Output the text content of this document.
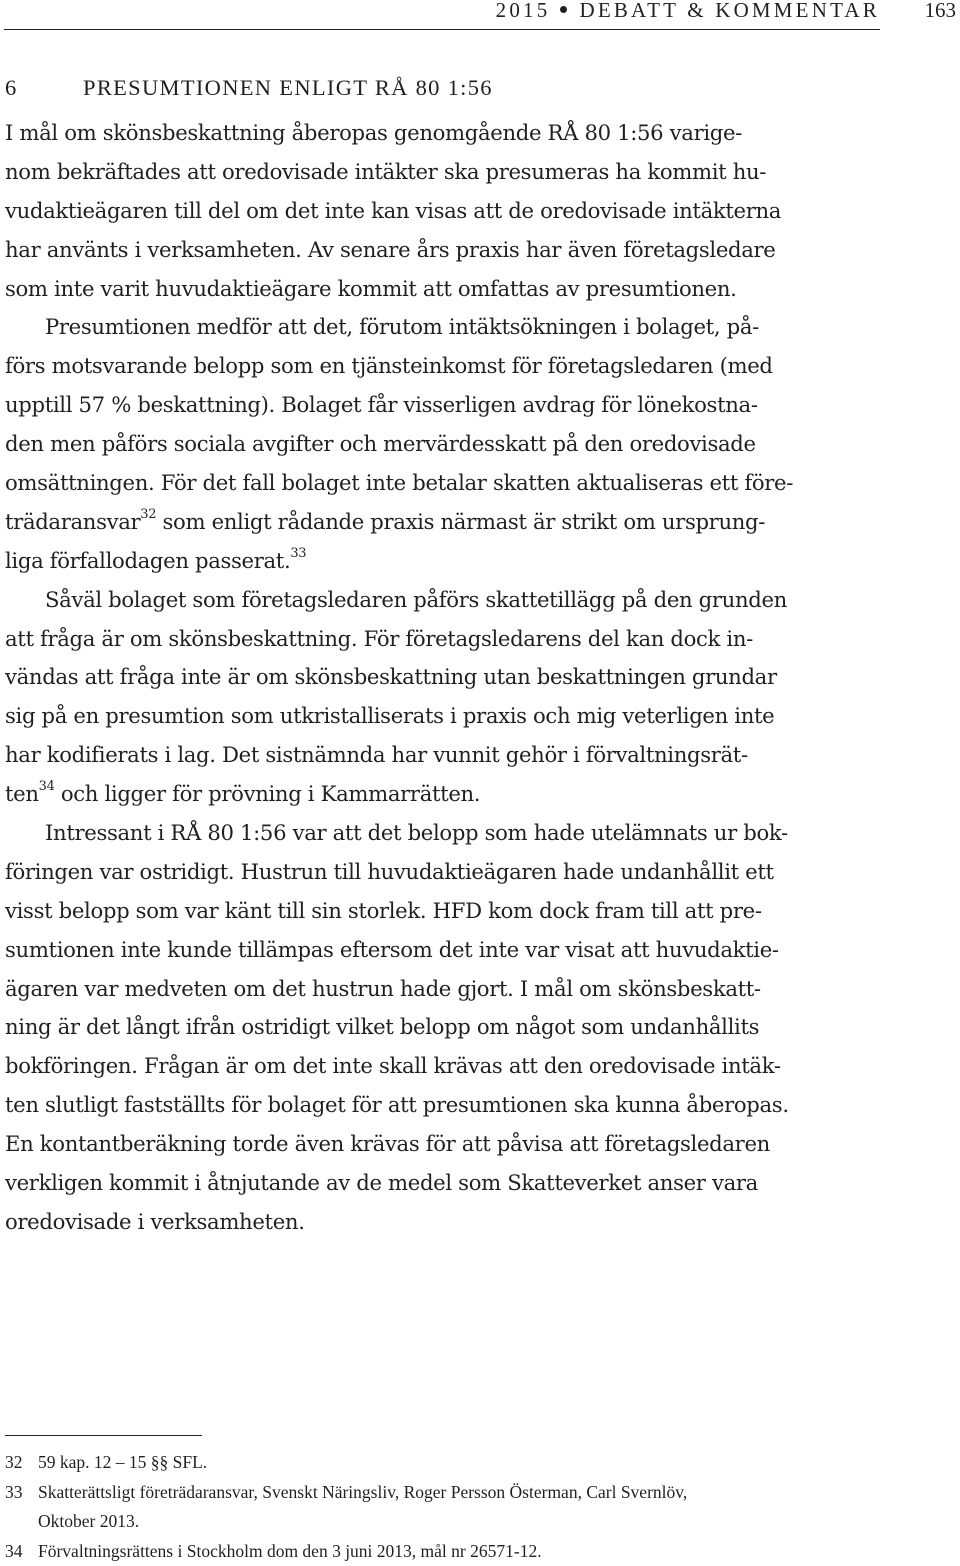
2015 DEBATT & KOMMENTAR 163
6	PRESUMTIONEN ENLIGT RÅ 80 1:56
I mål om skönsbeskattning åberopas genomgående RÅ 80 1:56 varige-
nom bekräftades att oredovisade intäkter ska presumeras ha kommit hu-
vudaktieägaren till del om det inte kan visas att de oredovisade intäkterna
har använts i verksamheten. Av senare års praxis har även företagsledare
som inte varit huvudaktieägare kommit att omfattas av presumtionen.
Presumtionen medför att det, förutom intäktsökningen i bolaget, på-
förs motsvarande belopp som en tjänsteinkomst för företagsledaren (med
upptill 57 % beskattning). Bolaget får visserligen avdrag för lönekostna-
den men påförs sociala avgifter och mervärdesskatt på den oredovisade
omsättningen. För det fall bolaget inte betalar skatten aktualiseras ett före-
trädaransvar$^{32}$ som enligt rådande praxis närmast är strikt om ursprung-
liga förfallodagen passerat.$^{33}$
Såväl bolaget som företagsledaren påförs skattetillägg på den grunden
att fråga är om skönsbeskattning. För företagsledarens del kan dock in-
vändas att fråga inte är om skönsbeskattning utan beskattningen grundar
sig på en presumtion som utkristalliserats i praxis och mig veterligen inte
har kodifierats i lag. Det sistnämnda har vunnit gehör i förvaltningsrät-
ten$^{34}$ och ligger för prövning i Kammarrätten.
Intressant i RÅ 80 1:56 var att det belopp som hade utelämnats ur bok-
föringen var ostridigt. Hustrun till huvudaktieägaren hade undanhållit ett
visst belopp som var känt till sin storlek. HFD kom dock fram till att pre-
sumtionen inte kunde tillämpas eftersom det inte var visat att huvudaktie-
ägaren var medveten om det hustrun hade gjort. I mål om skönsbeskatt-
ning är det långt ifrån ostridigt vilket belopp om något som undanhållits
bokföringen. Frågan är om det inte skall krävas att den oredovisade intäk-
ten slutligt fastställts för bolaget för att presumtionen ska kunna åberopas.
En kontantberäkning torde även krävas för att påvisa att företagsledaren
verkligen kommit i åtnjutande av de medel som Skatteverket anser vara
oredovisade i verksamheten.
32 59 kap. 12 – 15 §§ SFL.
33 Skatterättsligt företrädaransvar, Svenskt Näringsliv, Roger Persson Österman, Carl Svernlöv,
Oktober 2013.
34 Förvaltningsrättens i Stockholm dom den 3 juni 2013, mål nr 26571-12.
